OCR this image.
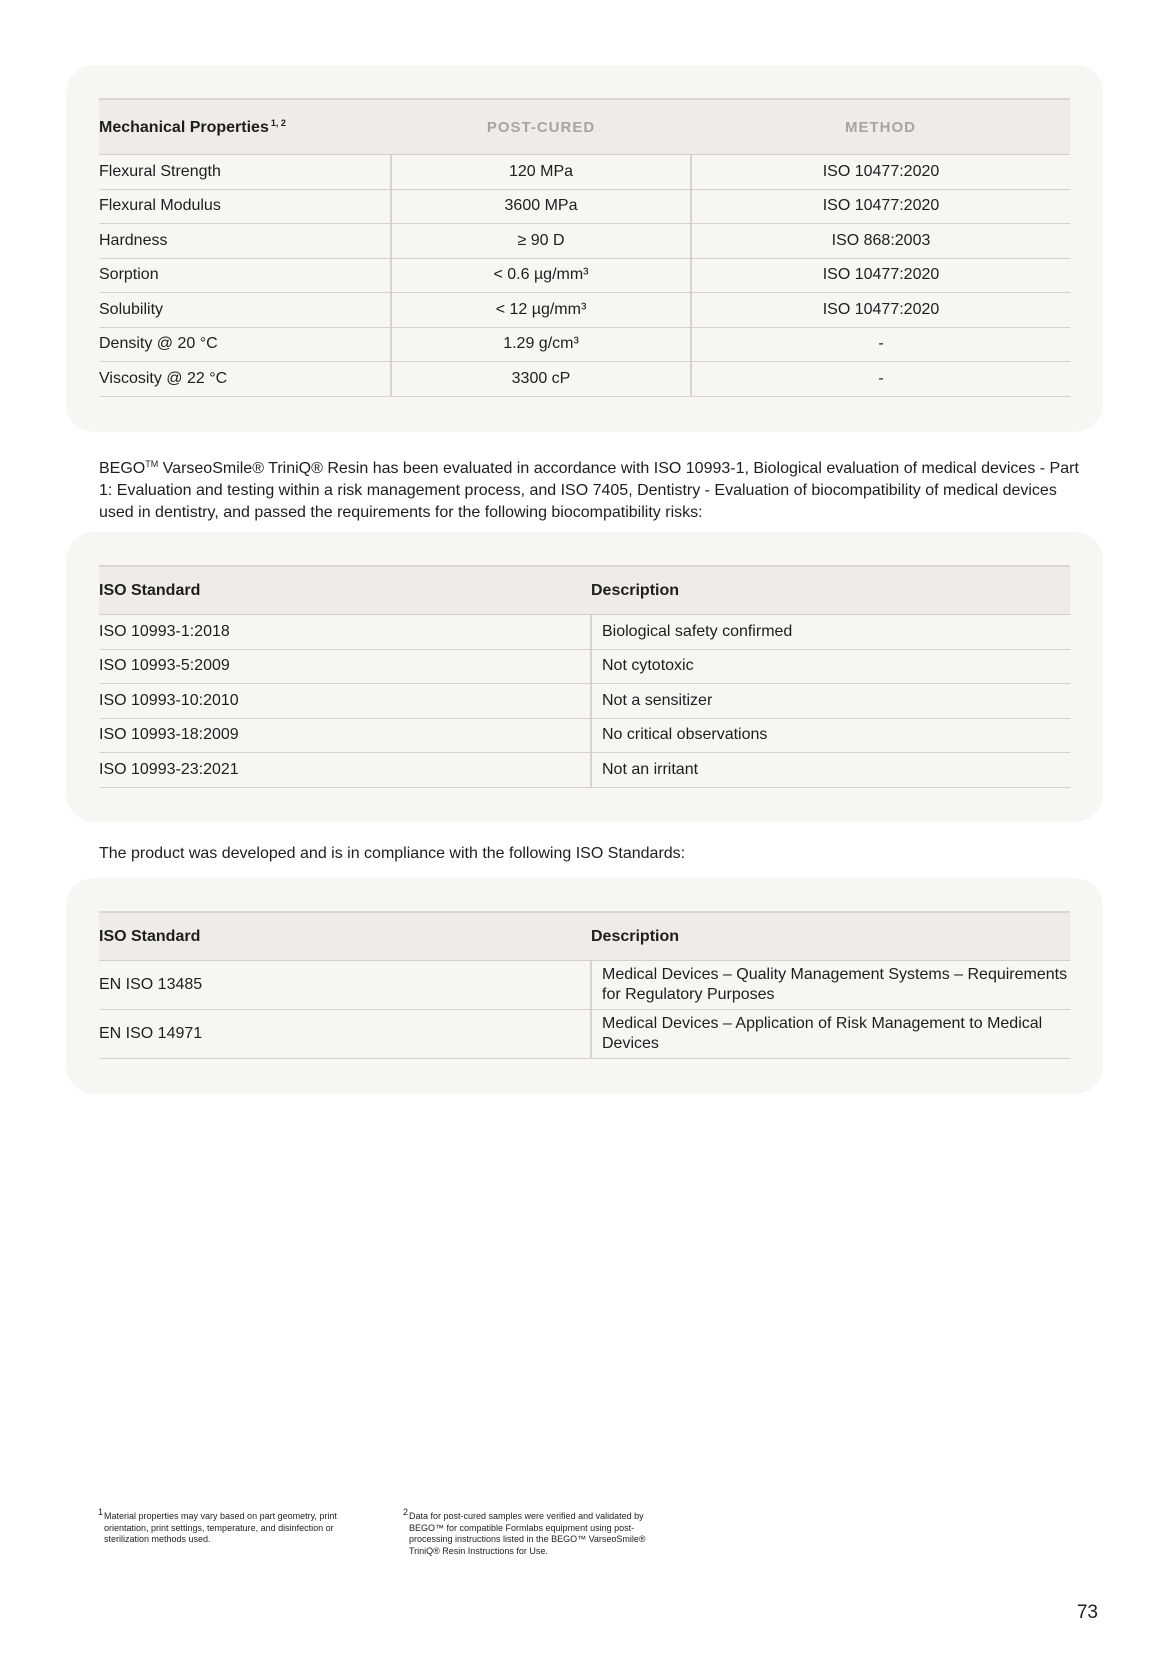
Mechanical Properties $^{1, 2}$	POST-CURED	METHOD
Flexural Strength	120 MPa	ISO 10477:2020
Flexural Modulus	3600 MPa	ISO 10477:2020
Hardness	≥ 90 D	ISO 868:2003
Sorption	< 0.6 µg/mm³	ISO 10477:2020
Solubility	< 12 µg/mm³	ISO 10477:2020
Density @ 20 °C	1.29 g/cm³	-
Viscosity @ 22 °C	3300 cP	-

BEGO™ VarseoSmile® TriniQ® Resin has been evaluated in accordance with ISO 10993-1, Biological evaluation of medical devices - Part 1: Evaluation and testing within a risk management process, and ISO 7405, Dentistry - Evaluation of biocompatibility of medical devices used in dentistry, and passed the requirements for the following biocompatibility risks:

ISO Standard	Description
ISO 10993-1:2018	Biological safety confirmed
ISO 10993-5:2009	Not cytotoxic
ISO 10993-10:2010	Not a sensitizer
ISO 10993-18:2009	No critical observations
ISO 10993-23:2021	Not an irritant

The product was developed and is in compliance with the following ISO Standards:

ISO Standard	Description
EN ISO 13485	Medical Devices – Quality Management Systems – Requirements for Regulatory Purposes
EN ISO 14971	Medical Devices – Application of Risk Management to Medical Devices
1 Material properties may vary based on part geometry, print orientation, print settings, temperature, and disinfection or sterilization methods used.
2 Data for post-cured samples were verified and validated by BEGO™ for compatible Formlabs equipment using post-processing instructions listed in the BEGO™ VarseoSmile® TriniQ® Resin Instructions for Use.
73
